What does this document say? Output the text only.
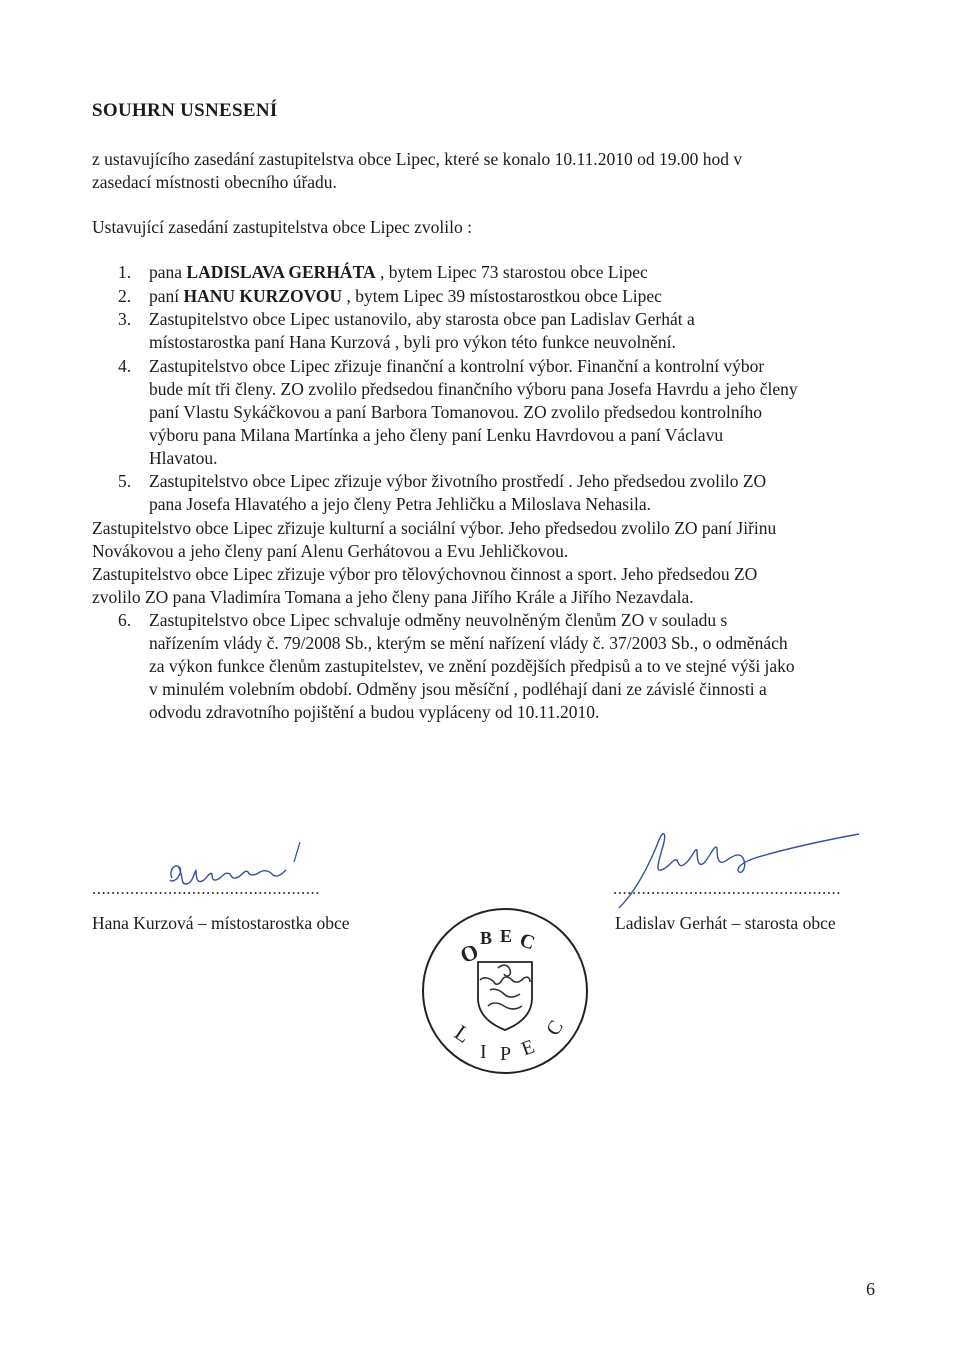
SOUHRN USNESENÍ
z ustavujícího zasedání zastupitelstva obce Lipec, které se konalo 10.11.2010 od 19.00 hod v
zasedací místnosti obecního úřadu.
Ustavující zasedání zastupitelstva obce Lipec zvolilo :
1.	pana LADISLAVA GERHÁTA , bytem Lipec 73 starostou obce Lipec
2.	paní HANU KURZOVOU , bytem Lipec 39 místostarostkou obce Lipec
3.	Zastupitelstvo obce Lipec ustanovilo, aby starosta obce pan Ladislav Gerhát a
místostarostka paní Hana Kurzová , byli pro výkon této funkce neuvolnění.
4.	Zastupitelstvo obce Lipec zřizuje finanční a kontrolní výbor. Finanční a kontrolní výbor
bude mít tři členy. ZO zvolilo předsedou finančního výboru pana Josefa Havrdu a jeho členy
paní Vlastu Sykáčkovou a paní Barbora Tomanovou. ZO zvolilo předsedou kontrolního
výboru pana Milana Martínka a jeho členy paní Lenku Havrdovou a paní Václavu
Hlavatou.
5.	Zastupitelstvo obce Lipec zřizuje výbor životního prostředí . Jeho předsedou zvolilo ZO
pana Josefa Hlavatého a jejo členy Petra Jehličku a Miloslava Nehasila.
Zastupitelstvo obce Lipec zřizuje kulturní a sociální výbor. Jeho předsedou zvolilo ZO paní Jiřinu
Novákovou a jeho členy paní Alenu Gerhátovou a Evu Jehličkovou.
Zastupitelstvo obce Lipec zřizuje výbor pro tělovýchovnou činnost a sport. Jeho předsedou ZO
zvolilo ZO pana Vladimíra Tomana a jeho členy pana Jiřího Krále a Jiřího Nezavdala.
6.	Zastupitelstvo obce Lipec schvaluje odměny neuvolněným členům ZO v souladu s
nařízením vlády č. 79/2008 Sb., kterým se mění nařízení vlády č. 37/2003 Sb., o odměnách
za výkon funkce členům zastupitelstev, ve znění pozdějších předpisů a to ve stejné výši jako
v minulém volebním období. Odměny jsou měsíční , podléhají dani ze závislé činnosti a
odvodu zdravotního pojištění a budou vypláceny od 10.11.2010.
................................................
Hana Kurzová – místostarostka obce
................................................
Ladislav Gerhát – starosta obce
O
B E C
L
I P E
C
6
